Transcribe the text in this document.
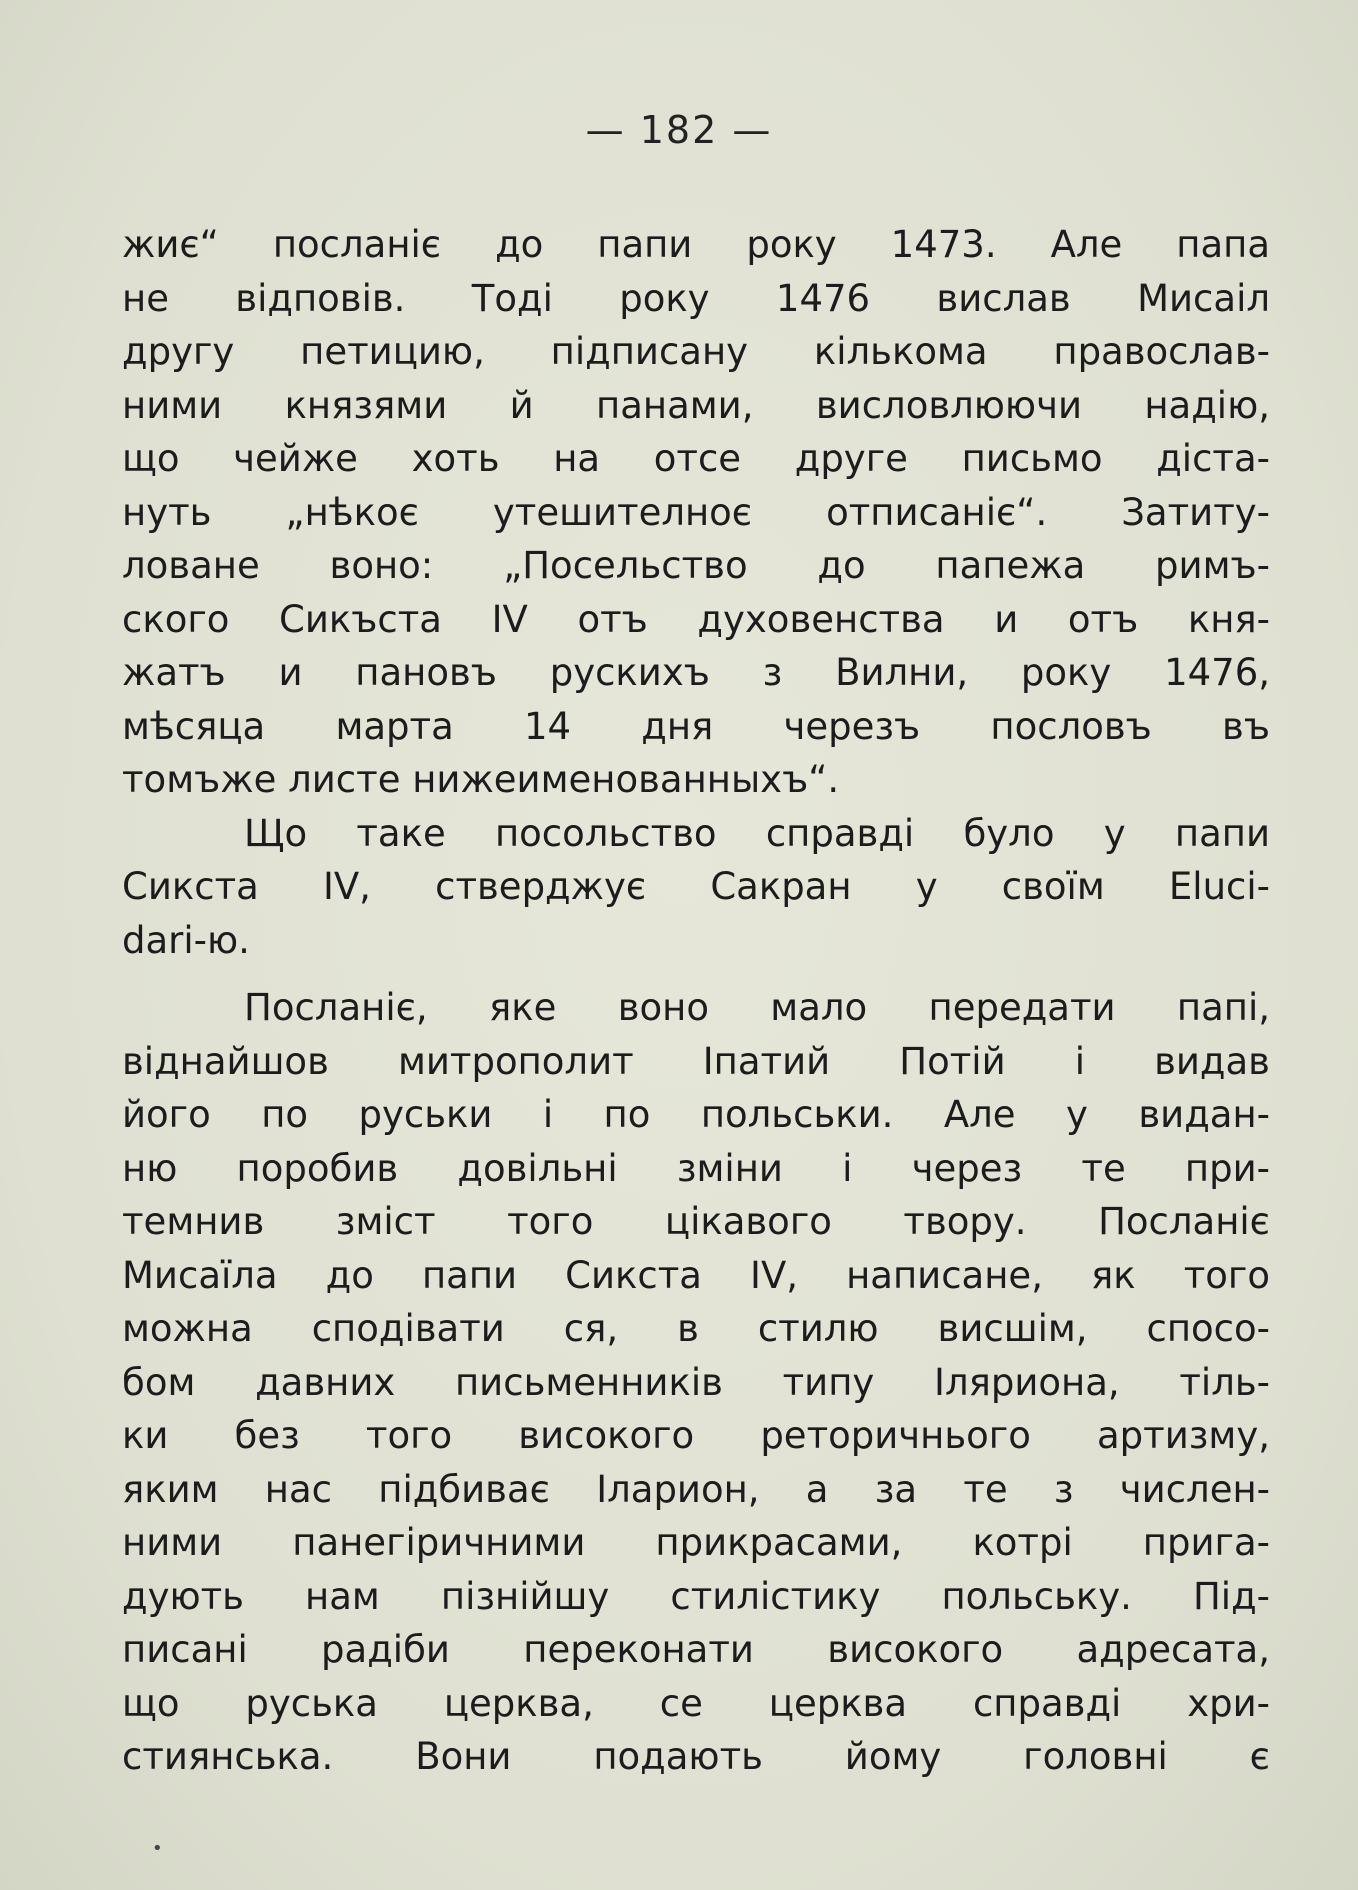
— 182 —
жиє“ посланіє до папи року 1473. Але папа
не відповів. Тоді року 1476 вислав Мисаіл
другу петицию, підписану кількома православ-
ними князями й панами, висловлюючи надію,
що чейже хоть на отсе друге письмо діста-
нуть „нѣкоє утешителноє отписаніє“. Затиту-
ловане воно: „Посельство до папежа римъ-
ского Сикъста IV отъ духовенства и отъ кня-
жатъ и пановъ рускихъ з Вилни, року 1476,
мѣсяца марта 14 дня черезъ пословъ въ
томъже листе нижеименованныхъ“.
Що таке посольство справді було у папи
Сикста IV, стверджує Сакран у своїм Eluci-
dari-ю.
Посланіє, яке воно мало передати папі,
віднайшов митрополит Іпатий Потій і видав
його по руськи і по польськи. Але у видан-
ню поробив довільні зміни і через те при-
темнив зміст того цікавого твору. Посланіє
Мисаїла до папи Сикста IV, написане, як того
можна сподівати ся, в стилю висшім, спосо-
бом давних письменників типу Іляриона, тіль-
ки без того високого реторичнього артизму,
яким нас підбиває Іларион, а за те з числен-
ними панегіричними прикрасами, котрі пригa-
дують нам пізнійшу стилістику польську. Під-
писані радіби переконати високого адресата,
що руська церква, се церква справді хри-
стиянська. Вони подають йому головні є
•
